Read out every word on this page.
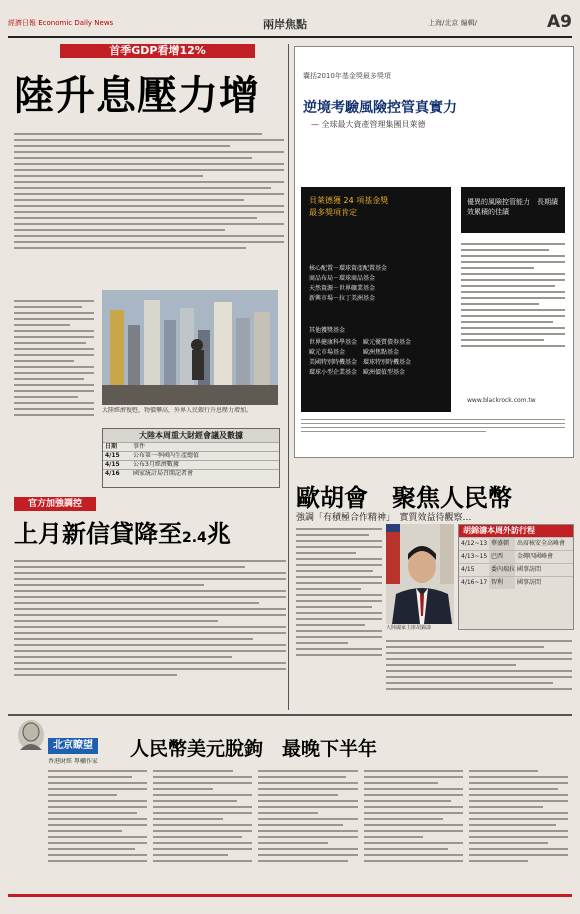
經濟日報 Economic Daily News	兩岸焦點	上海/北京 編輯/	A9
首季GDP看增12%
陸升息壓力增
大陸經濟復甦，物價攀高，外界人民銀行升息壓力增加。
大陸本周重大財經會議及數據
日期	事件
4/15	公布第一季國內生產總值
4/15	公布3月經濟數據
4/16	國家統計局召開記者會
囊括2010年基金獎最多獎項
逆境考驗風險控管真實力
— 全球最大資產管理集團貝萊德
貝萊德獲 24 項基金獎
最多獎項肯定
核心配置－環球資產配置基金
商品布局－環球商品基金
天然資源－世界礦業基金
新興市場－拉丁美洲基金
其他獲獎基金
世界健康科學基金　歐元優質債券基金
歐元市場基金　　　歐洲焦點基金
美國特別時機基金　環球特別時機基金
環球小型企業基金　歐洲價值型基金
優異的風險控管能力　長期績效累積的佳績
www.blackrock.com.tw
官方加強調控
上月新信貸降至2.4兆
歐胡會　聚焦人民幣
強調「有積極合作精神」　實質效益待觀察…
大陸國家主席胡錦濤
胡錦濤本周外訪行程
4/12~13 華盛頓	出席核安全高峰會
4/13~15 巴西	金磚四國峰會
4/15	委內瑞拉 國事訪問
4/16~17 智利	國事訪問
北京瞭望 人民幣美元脫鉤　最晚下半年
香港財經 專欄作家
